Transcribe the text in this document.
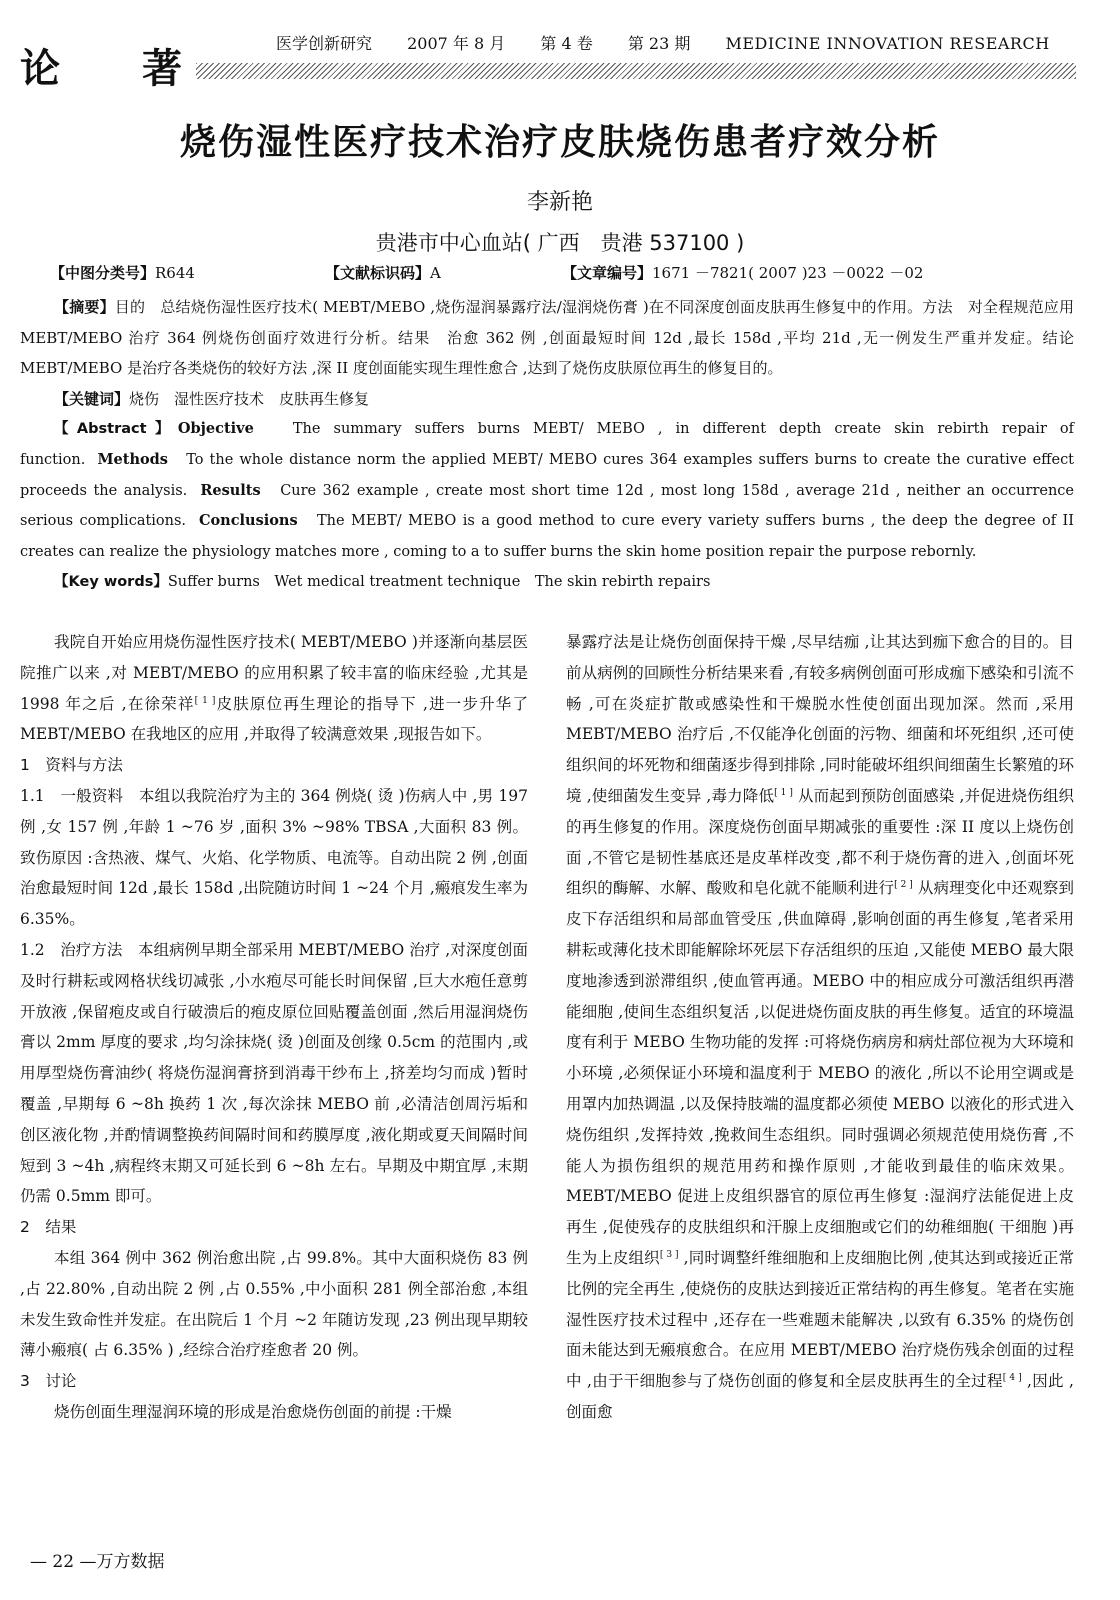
论 著
医学创新研究 2007 年 8 月 第 4 卷 第 23 期 MEDICINE INNOVATION RESEARCH
烧伤湿性医疗技术治疗皮肤烧伤患者疗效分析
李新艳
贵港市中心血站( 广西　贵港 537100 )
【中图分类号】R644	【文献标识码】A	【文章编号】1671 －7821( 2007 )23 －0022 －02

【摘要】目的　总结烧伤湿性医疗技术( MEBT/MEBO ,烧伤湿润暴露疗法/湿润烧伤膏 )在不同深度创面皮肤再生修复中的作用。方法　对全程规范应用 MEBT/MEBO 治疗 364 例烧伤创面疗效进行分析。结果　治愈 362 例 ,创面最短时间 12d ,最长 158d ,平均 21d ,无一例发生严重并发症。结论　MEBT/MEBO 是治疗各类烧伤的较好方法 ,深 II 度创面能实现生理性愈合 ,达到了烧伤皮肤原位再生的修复目的。

【关键词】烧伤　湿性医疗技术　皮肤再生修复

【Abstract】Objective	The summary suffers burns MEBT/ MEBO , in different depth create skin rebirth repair of function. Methods To the whole distance norm the applied MEBT/ MEBO cures 364 examples suffers burns to create the curative effect proceeds the analysis. Results Cure 362 example , create most short time 12d , most long 158d , average 21d , neither an occurrence serious complications. Conclusions The MEBT/ MEBO is a good method to cure every variety suffers burns , the deep the degree of II creates can realize the physiology matches more , coming to a to suffer burns the skin home position repair the purpose rebornly.

【Key words】Suffer burns　Wet medical treatment technique　The skin rebirth repairs

我院自开始应用烧伤湿性医疗技术( MEBT/MEBO )并逐渐向基层医院推广以来 ,对 MEBT/MEBO 的应用积累了较丰富的临床经验 ,尤其是 1998 年之后 ,在徐荣祥[ 1 ]皮肤原位再生理论的指导下 ,进一步升华了 MEBT/MEBO 在我地区的应用 ,并取得了较满意效果 ,现报告如下。

1　资料与方法

1.1　一般资料　本组以我院治疗为主的 364 例烧( 烫 )伤病人中 ,男 197 例 ,女 157 例 ,年龄 1 ~76 岁 ,面积 3% ~98% TBSA ,大面积 83 例。致伤原因 :含热液、煤气、火焰、化学物质、电流等。自动出院 2 例 ,创面治愈最短时间 12d ,最长 158d ,出院随访时间 1 ~24 个月 ,瘢痕发生率为 6.35%。

1.2　治疗方法　本组病例早期全部采用 MEBT/MEBO 治疗 ,对深度创面及时行耕耘或网格状线切减张 ,小水疱尽可能长时间保留 ,巨大水疱任意剪开放液 ,保留疱皮或自行破溃后的疱皮原位回贴覆盖创面 ,然后用湿润烧伤膏以 2mm 厚度的要求 ,均匀涂抹烧( 烫 )创面及创缘 0.5cm 的范围内 ,或用厚型烧伤膏油纱( 将烧伤湿润膏挤到消毒干纱布上 ,挤差均匀而成 )暂时覆盖 ,早期每 6 ~8h 换药 1 次 ,每次涂抹 MEBO 前 ,必清洁创周污垢和创区液化物 ,并酌情调整换药间隔时间和药膜厚度 ,液化期或夏天间隔时间短到 3 ~4h ,病程终末期又可延长到 6 ~8h 左右。早期及中期宜厚 ,末期仍需 0.5mm 即可。

2　结果

本组 364 例中 362 例治愈出院 ,占 99.8%。其中大面积烧伤 83 例 ,占 22.80% ,自动出院 2 例 ,占 0.55% ,中小面积 281 例全部治愈 ,本组未发生致命性并发症。在出院后 1 个月 ~2 年随访发现 ,23 例出现早期较薄小瘢痕( 占 6.35% ) ,经综合治疗痊愈者 20 例。

3　讨论

烧伤创面生理湿润环境的形成是治愈烧伤创面的前提 :干燥

暴露疗法是让烧伤创面保持干燥 ,尽早结痂 ,让其达到痂下愈合的目的。目前从病例的回顾性分析结果来看 ,有较多病例创面可形成痂下感染和引流不畅 ,可在炎症扩散或感染性和干燥脱水性使创面出现加深。然而 ,采用 MEBT/MEBO 治疗后 ,不仅能净化创面的污物、细菌和坏死组织 ,还可使组织间的坏死物和细菌逐步得到排除 ,同时能破坏组织间细菌生长繁殖的环境 ,使细菌发生变异 ,毒力降低[ 1 ] 从而起到预防创面感染 ,并促进烧伤组织的再生修复的作用。深度烧伤创面早期减张的重要性 :深 II 度以上烧伤创面 ,不管它是韧性基底还是皮革样改变 ,都不利于烧伤膏的进入 ,创面坏死组织的酶解、水解、酸败和皂化就不能顺利进行[ 2 ] 从病理变化中还观察到皮下存活组织和局部血管受压 ,供血障碍 ,影响创面的再生修复 ,笔者采用耕耘或薄化技术即能解除坏死层下存活组织的压迫 ,又能使 MEBO 最大限度地渗透到淤滞组织 ,使血管再通。MEBO 中的相应成分可激活组织再潜能细胞 ,使间生态组织复活 ,以促进烧伤面皮肤的再生修复。适宜的环境温度有利于 MEBO 生物功能的发挥 :可将烧伤病房和病灶部位视为大环境和小环境 ,必须保证小环境和温度利于 MEBO 的液化 ,所以不论用空调或是用罩内加热调温 ,以及保持肢端的温度都必须使 MEBO 以液化的形式进入烧伤组织 ,发挥持效 ,挽救间生态组织。同时强调必须规范使用烧伤膏 ,不能人为损伤组织的规范用药和操作原则 ,才能收到最佳的临床效果。MEBT/MEBO 促进上皮组织器官的原位再生修复 :湿润疗法能促进上皮再生 ,促使残存的皮肤组织和汗腺上皮细胞或它们的幼稚细胞( 干细胞 )再生为上皮组织[ 3 ] ,同时调整纤维细胞和上皮细胞比例 ,使其达到或接近正常比例的完全再生 ,使烧伤的皮肤达到接近正常结构的再生修复。笔者在实施湿性医疗技术过程中 ,还存在一些难题未能解决 ,以致有 6.35% 的烧伤创面未能达到无瘢痕愈合。在应用 MEBT/MEBO 治疗烧伤残余创面的过程中 ,由于干细胞参与了烧伤创面的修复和全层皮肤再生的全过程[ 4 ] ,因此 ,创面愈

— 22 —万方数据
